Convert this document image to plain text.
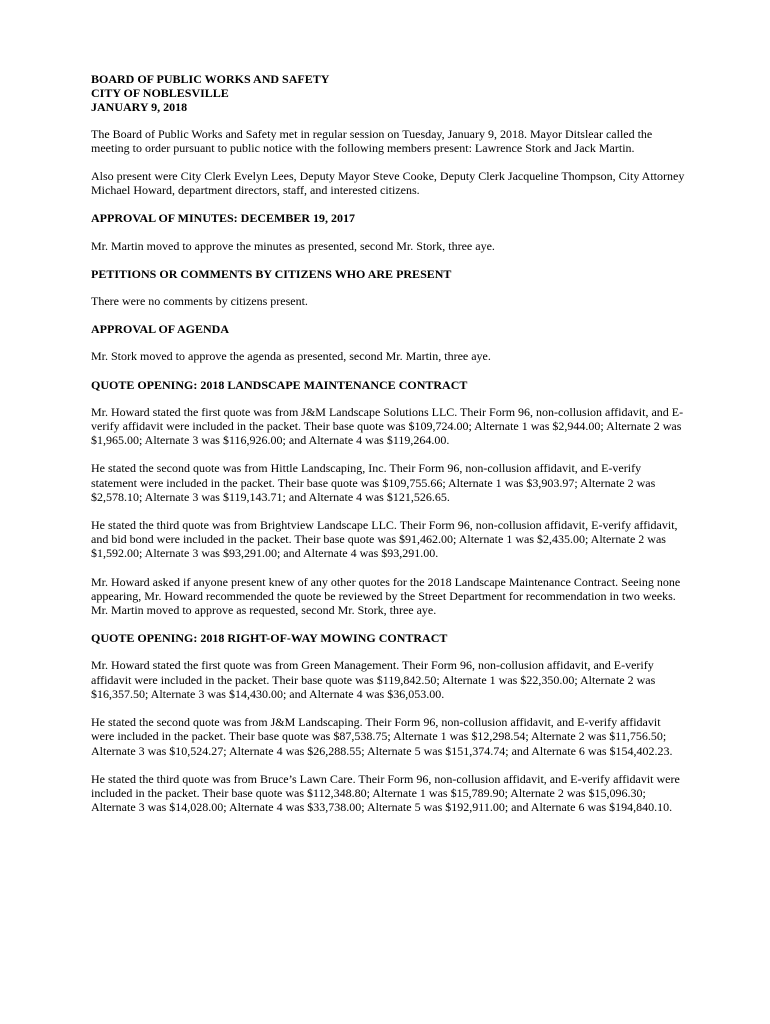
BOARD OF PUBLIC WORKS AND SAFETY
CITY OF NOBLESVILLE
JANUARY 9, 2018

The Board of Public Works and Safety met in regular session on Tuesday, January 9, 2018. Mayor Ditslear called the meeting to order pursuant to public notice with the following members present: Lawrence Stork and Jack Martin.

Also present were City Clerk Evelyn Lees, Deputy Mayor Steve Cooke, Deputy Clerk Jacqueline Thompson, City Attorney Michael Howard, department directors, staff, and interested citizens.

APPROVAL OF MINUTES: DECEMBER 19, 2017

Mr. Martin moved to approve the minutes as presented, second Mr. Stork, three aye.

PETITIONS OR COMMENTS BY CITIZENS WHO ARE PRESENT

There were no comments by citizens present.

APPROVAL OF AGENDA

Mr. Stork moved to approve the agenda as presented, second Mr. Martin, three aye.

QUOTE OPENING: 2018 LANDSCAPE MAINTENANCE CONTRACT

Mr. Howard stated the first quote was from J&M Landscape Solutions LLC. Their Form 96, non-collusion affidavit, and E-verify affidavit were included in the packet. Their base quote was $109,724.00; Alternate 1 was $2,944.00; Alternate 2 was $1,965.00; Alternate 3 was $116,926.00; and Alternate 4 was $119,264.00.

He stated the second quote was from Hittle Landscaping, Inc. Their Form 96, non-collusion affidavit, and E-verify statement were included in the packet. Their base quote was $109,755.66; Alternate 1 was $3,903.97; Alternate 2 was $2,578.10; Alternate 3 was $119,143.71; and Alternate 4 was $121,526.65.

He stated the third quote was from Brightview Landscape LLC. Their Form 96, non-collusion affidavit, E-verify affidavit, and bid bond were included in the packet. Their base quote was $91,462.00; Alternate 1 was $2,435.00; Alternate 2 was $1,592.00; Alternate 3 was $93,291.00; and Alternate 4 was $93,291.00.

Mr. Howard asked if anyone present knew of any other quotes for the 2018 Landscape Maintenance Contract. Seeing none appearing, Mr. Howard recommended the quote be reviewed by the Street Department for recommendation in two weeks. Mr. Martin moved to approve as requested, second Mr. Stork, three aye.

QUOTE OPENING: 2018 RIGHT-OF-WAY MOWING CONTRACT

Mr. Howard stated the first quote was from Green Management. Their Form 96, non-collusion affidavit, and E-verify affidavit were included in the packet. Their base quote was $119,842.50; Alternate 1 was $22,350.00; Alternate 2 was $16,357.50; Alternate 3 was $14,430.00; and Alternate 4 was $36,053.00.

He stated the second quote was from J&M Landscaping. Their Form 96, non-collusion affidavit, and E-verify affidavit were included in the packet. Their base quote was $87,538.75; Alternate 1 was $12,298.54; Alternate 2 was $11,756.50; Alternate 3 was $10,524.27; Alternate 4 was $26,288.55; Alternate 5 was $151,374.74; and Alternate 6 was $154,402.23.

He stated the third quote was from Bruce’s Lawn Care. Their Form 96, non-collusion affidavit, and E-verify affidavit were included in the packet. Their base quote was $112,348.80; Alternate 1 was $15,789.90; Alternate 2 was $15,096.30; Alternate 3 was $14,028.00; Alternate 4 was $33,738.00; Alternate 5 was $192,911.00; and Alternate 6 was $194,840.10.
